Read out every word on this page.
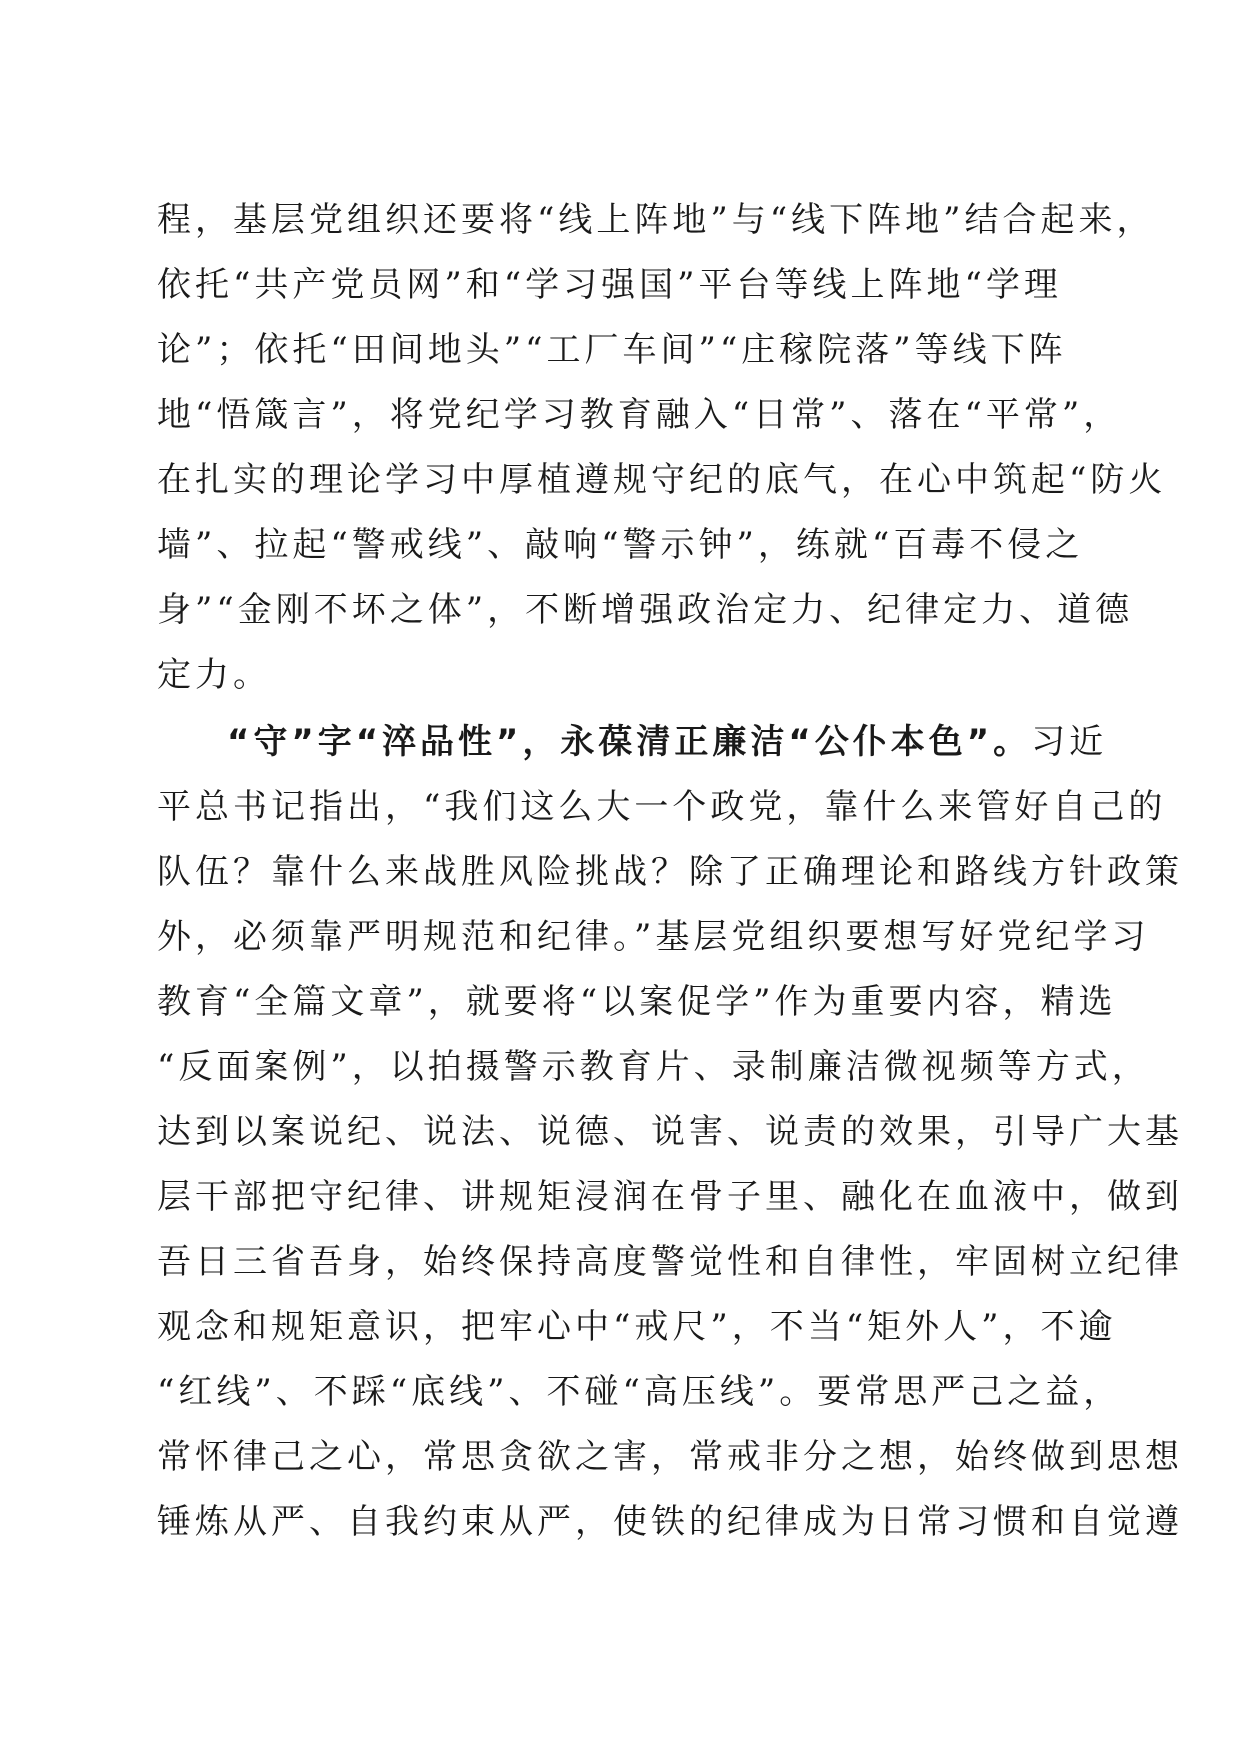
程，基层党组织还要将“线上阵地”与“线下阵地”结合起来，

依托“共产党员网”和“学习强国”平台等线上阵地“学理

论”；依托“田间地头”“工厂车间”“庄稼院落”等线下阵

地“悟箴言”，将党纪学习教育融入“日常”、落在“平常”，

在扎实的理论学习中厚植遵规守纪的底气，在心中筑起“防火

墙”、拉起“警戒线”、敲响“警示钟”，练就“百毒不侵之

身”“金刚不坏之体”，不断增强政治定力、纪律定力、道德

定力。

“守”字“淬品性”，永葆清正廉洁“公仆本色”。习近

平总书记指出，“我们这么大一个政党，靠什么来管好自己的

队伍？靠什么来战胜风险挑战？除了正确理论和路线方针政策

外，必须靠严明规范和纪律。”基层党组织要想写好党纪学习

教育“全篇文章”，就要将“以案促学”作为重要内容，精选

“反面案例”，以拍摄警示教育片、录制廉洁微视频等方式，

达到以案说纪、说法、说德、说害、说责的效果，引导广大基

层干部把守纪律、讲规矩浸润在骨子里、融化在血液中，做到

吾日三省吾身，始终保持高度警觉性和自律性，牢固树立纪律

观念和规矩意识，把牢心中“戒尺”，不当“矩外人”，不逾

“红线”、不踩“底线”、不碰“高压线”。要常思严己之益，

常怀律己之心，常思贪欲之害，常戒非分之想，始终做到思想

锤炼从严、自我约束从严，使铁的纪律成为日常习惯和自觉遵
